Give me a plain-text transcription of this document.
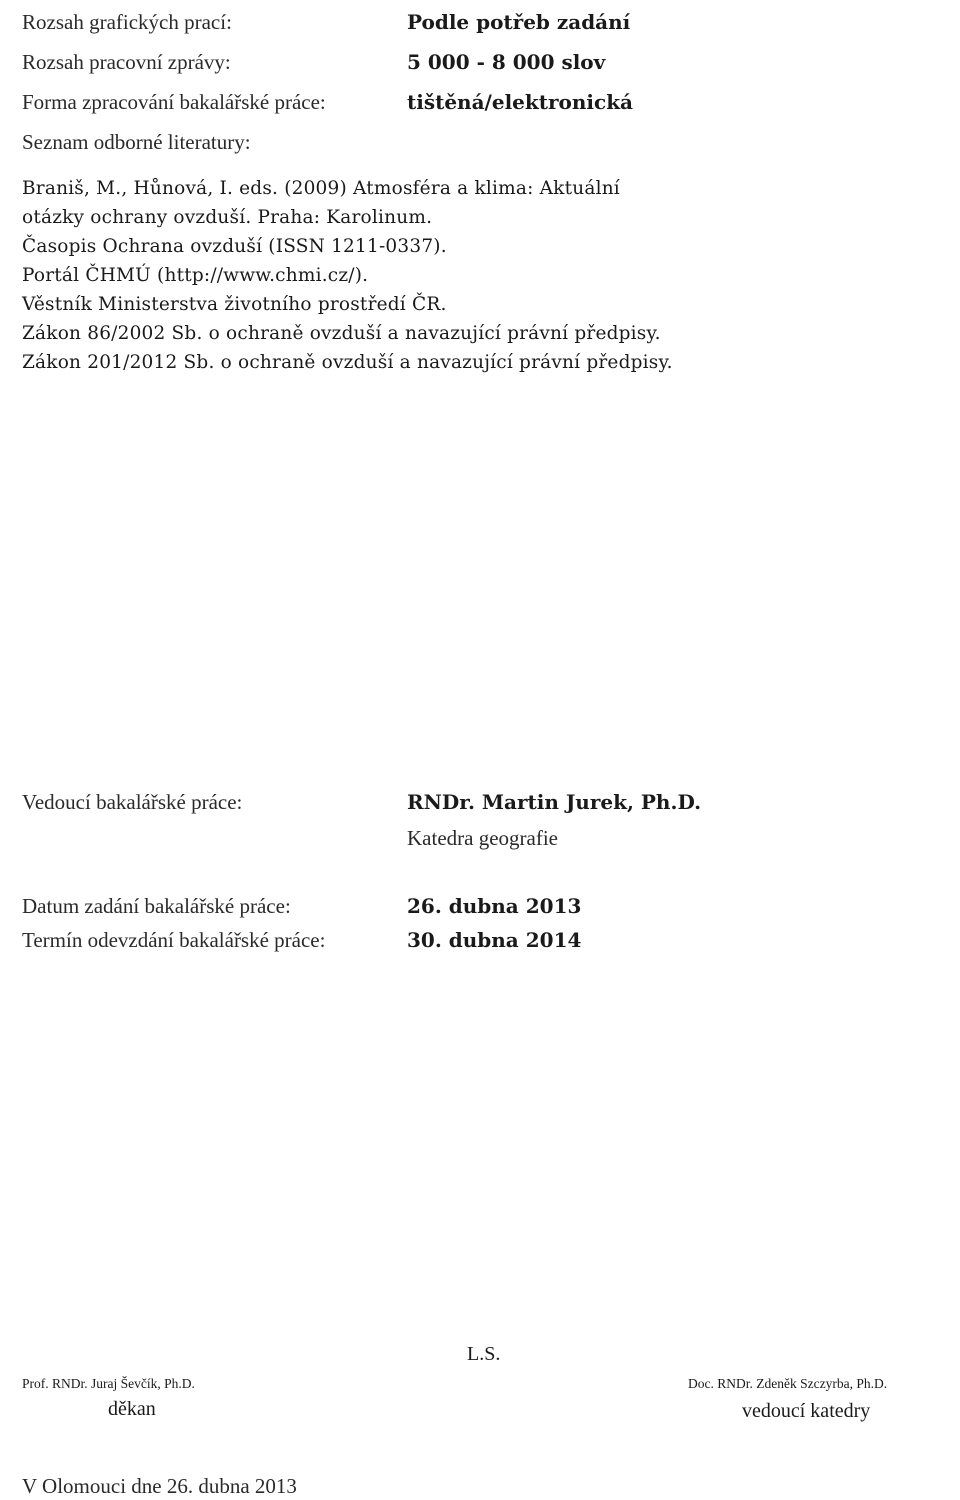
Rozsah grafických prací:	Podle potřeb zadání
Rozsah pracovní zprávy:	5 000 - 8 000 slov
Forma zpracování bakalářské práce:	tištěná/elektronická
Seznam odborné literatury:
Braniš, M., Hůnová, I. eds. (2009) Atmosféra a klima: Aktuální
otázky ochrany ovzduší. Praha: Karolinum.
Časopis Ochrana ovzduší (ISSN 1211-0337).
Portál ČHMÚ (http://www.chmi.cz/).
Věstník Ministerstva životního prostředí ČR.
Zákon 86/2002 Sb. o ochraně ovzduší a navazující právní předpisy.
Zákon 201/2012 Sb. o ochraně ovzduší a navazující právní předpisy.
Vedoucí bakalářské práce:	RNDr. Martin Jurek, Ph.D.
Katedra geografie
Datum zadání bakalářské práce:	26. dubna 2013
Termín odevzdání bakalářské práce:	30. dubna 2014
L.S.
Prof. RNDr. Juraj Ševčík, Ph.D.
děkan
Doc. RNDr. Zdeněk Szczyrba, Ph.D.
vedoucí katedry
V Olomouci dne 26. dubna 2013
